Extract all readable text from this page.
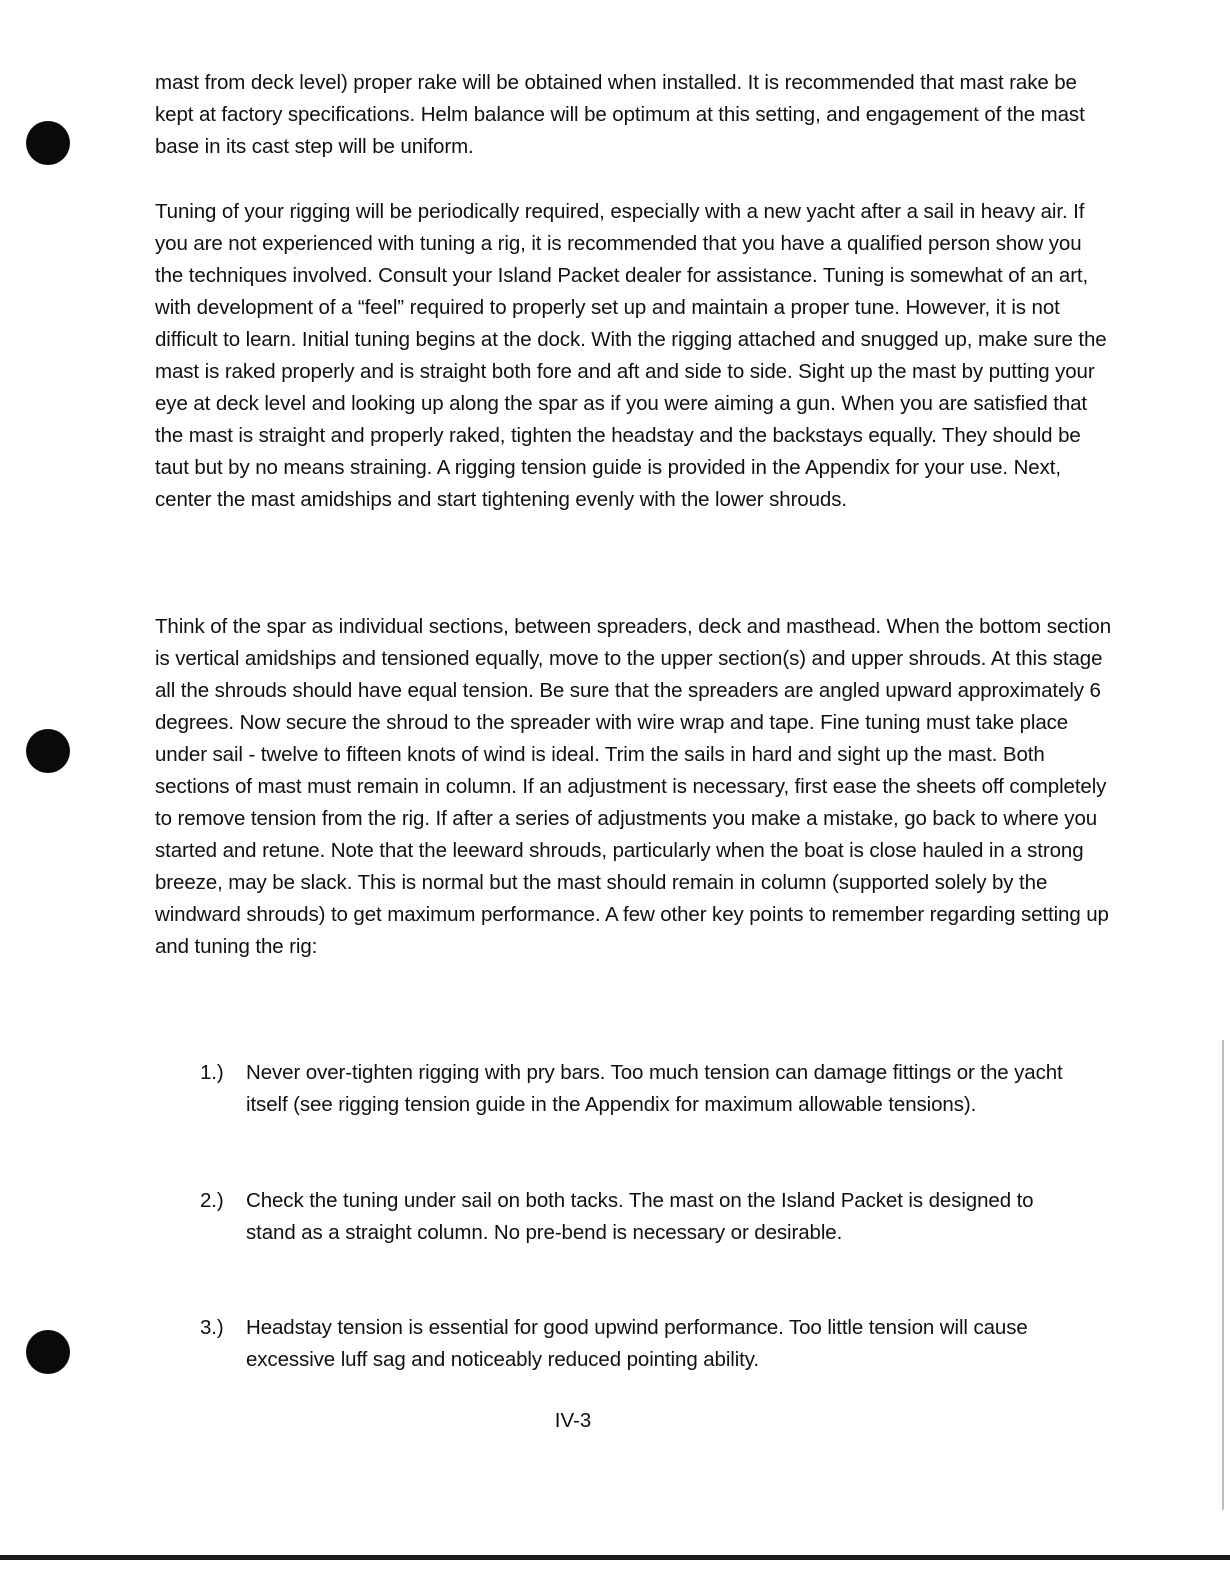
mast from deck level) proper rake will be obtained when installed. It is recommended that mast rake be kept at factory specifications. Helm balance will be optimum at this setting, and engagement of the mast base in its cast step will be uniform.
Tuning of your rigging will be periodically required, especially with a new yacht after a sail in heavy air. If you are not experienced with tuning a rig, it is recommended that you have a qualified person show you the techniques involved. Consult your Island Packet dealer for assistance. Tuning is somewhat of an art, with development of a “feel” required to properly set up and maintain a proper tune. However, it is not difficult to learn. Initial tuning begins at the dock. With the rigging attached and snugged up, make sure the mast is raked properly and is straight both fore and aft and side to side. Sight up the mast by putting your eye at deck level and looking up along the spar as if you were aiming a gun. When you are satisfied that the mast is straight and properly raked, tighten the headstay and the backstays equally. They should be taut but by no means straining. A rigging tension guide is provided in the Appendix for your use. Next, center the mast amidships and start tightening evenly with the lower shrouds.
Think of the spar as individual sections, between spreaders, deck and masthead. When the bottom section is vertical amidships and tensioned equally, move to the upper section(s) and upper shrouds. At this stage all the shrouds should have equal tension. Be sure that the spreaders are angled upward approximately 6 degrees. Now secure the shroud to the spreader with wire wrap and tape. Fine tuning must take place under sail - twelve to fifteen knots of wind is ideal. Trim the sails in hard and sight up the mast. Both sections of mast must remain in column. If an adjustment is necessary, first ease the sheets off completely to remove tension from the rig. If after a series of adjustments you make a mistake, go back to where you started and retune. Note that the leeward shrouds, particularly when the boat is close hauled in a strong breeze, may be slack. This is normal but the mast should remain in column (supported solely by the windward shrouds) to get maximum performance. A few other key points to remember regarding setting up and tuning the rig:
1.)	Never over-tighten rigging with pry bars. Too much tension can damage fittings or the yacht itself (see rigging tension guide in the Appendix for maximum allowable tensions).
2.)	Check the tuning under sail on both tacks. The mast on the Island Packet is designed to stand as a straight column. No pre-bend is necessary or desirable.
3.)	Headstay tension is essential for good upwind performance. Too little tension will cause excessive luff sag and noticeably reduced pointing ability.
IV-3
